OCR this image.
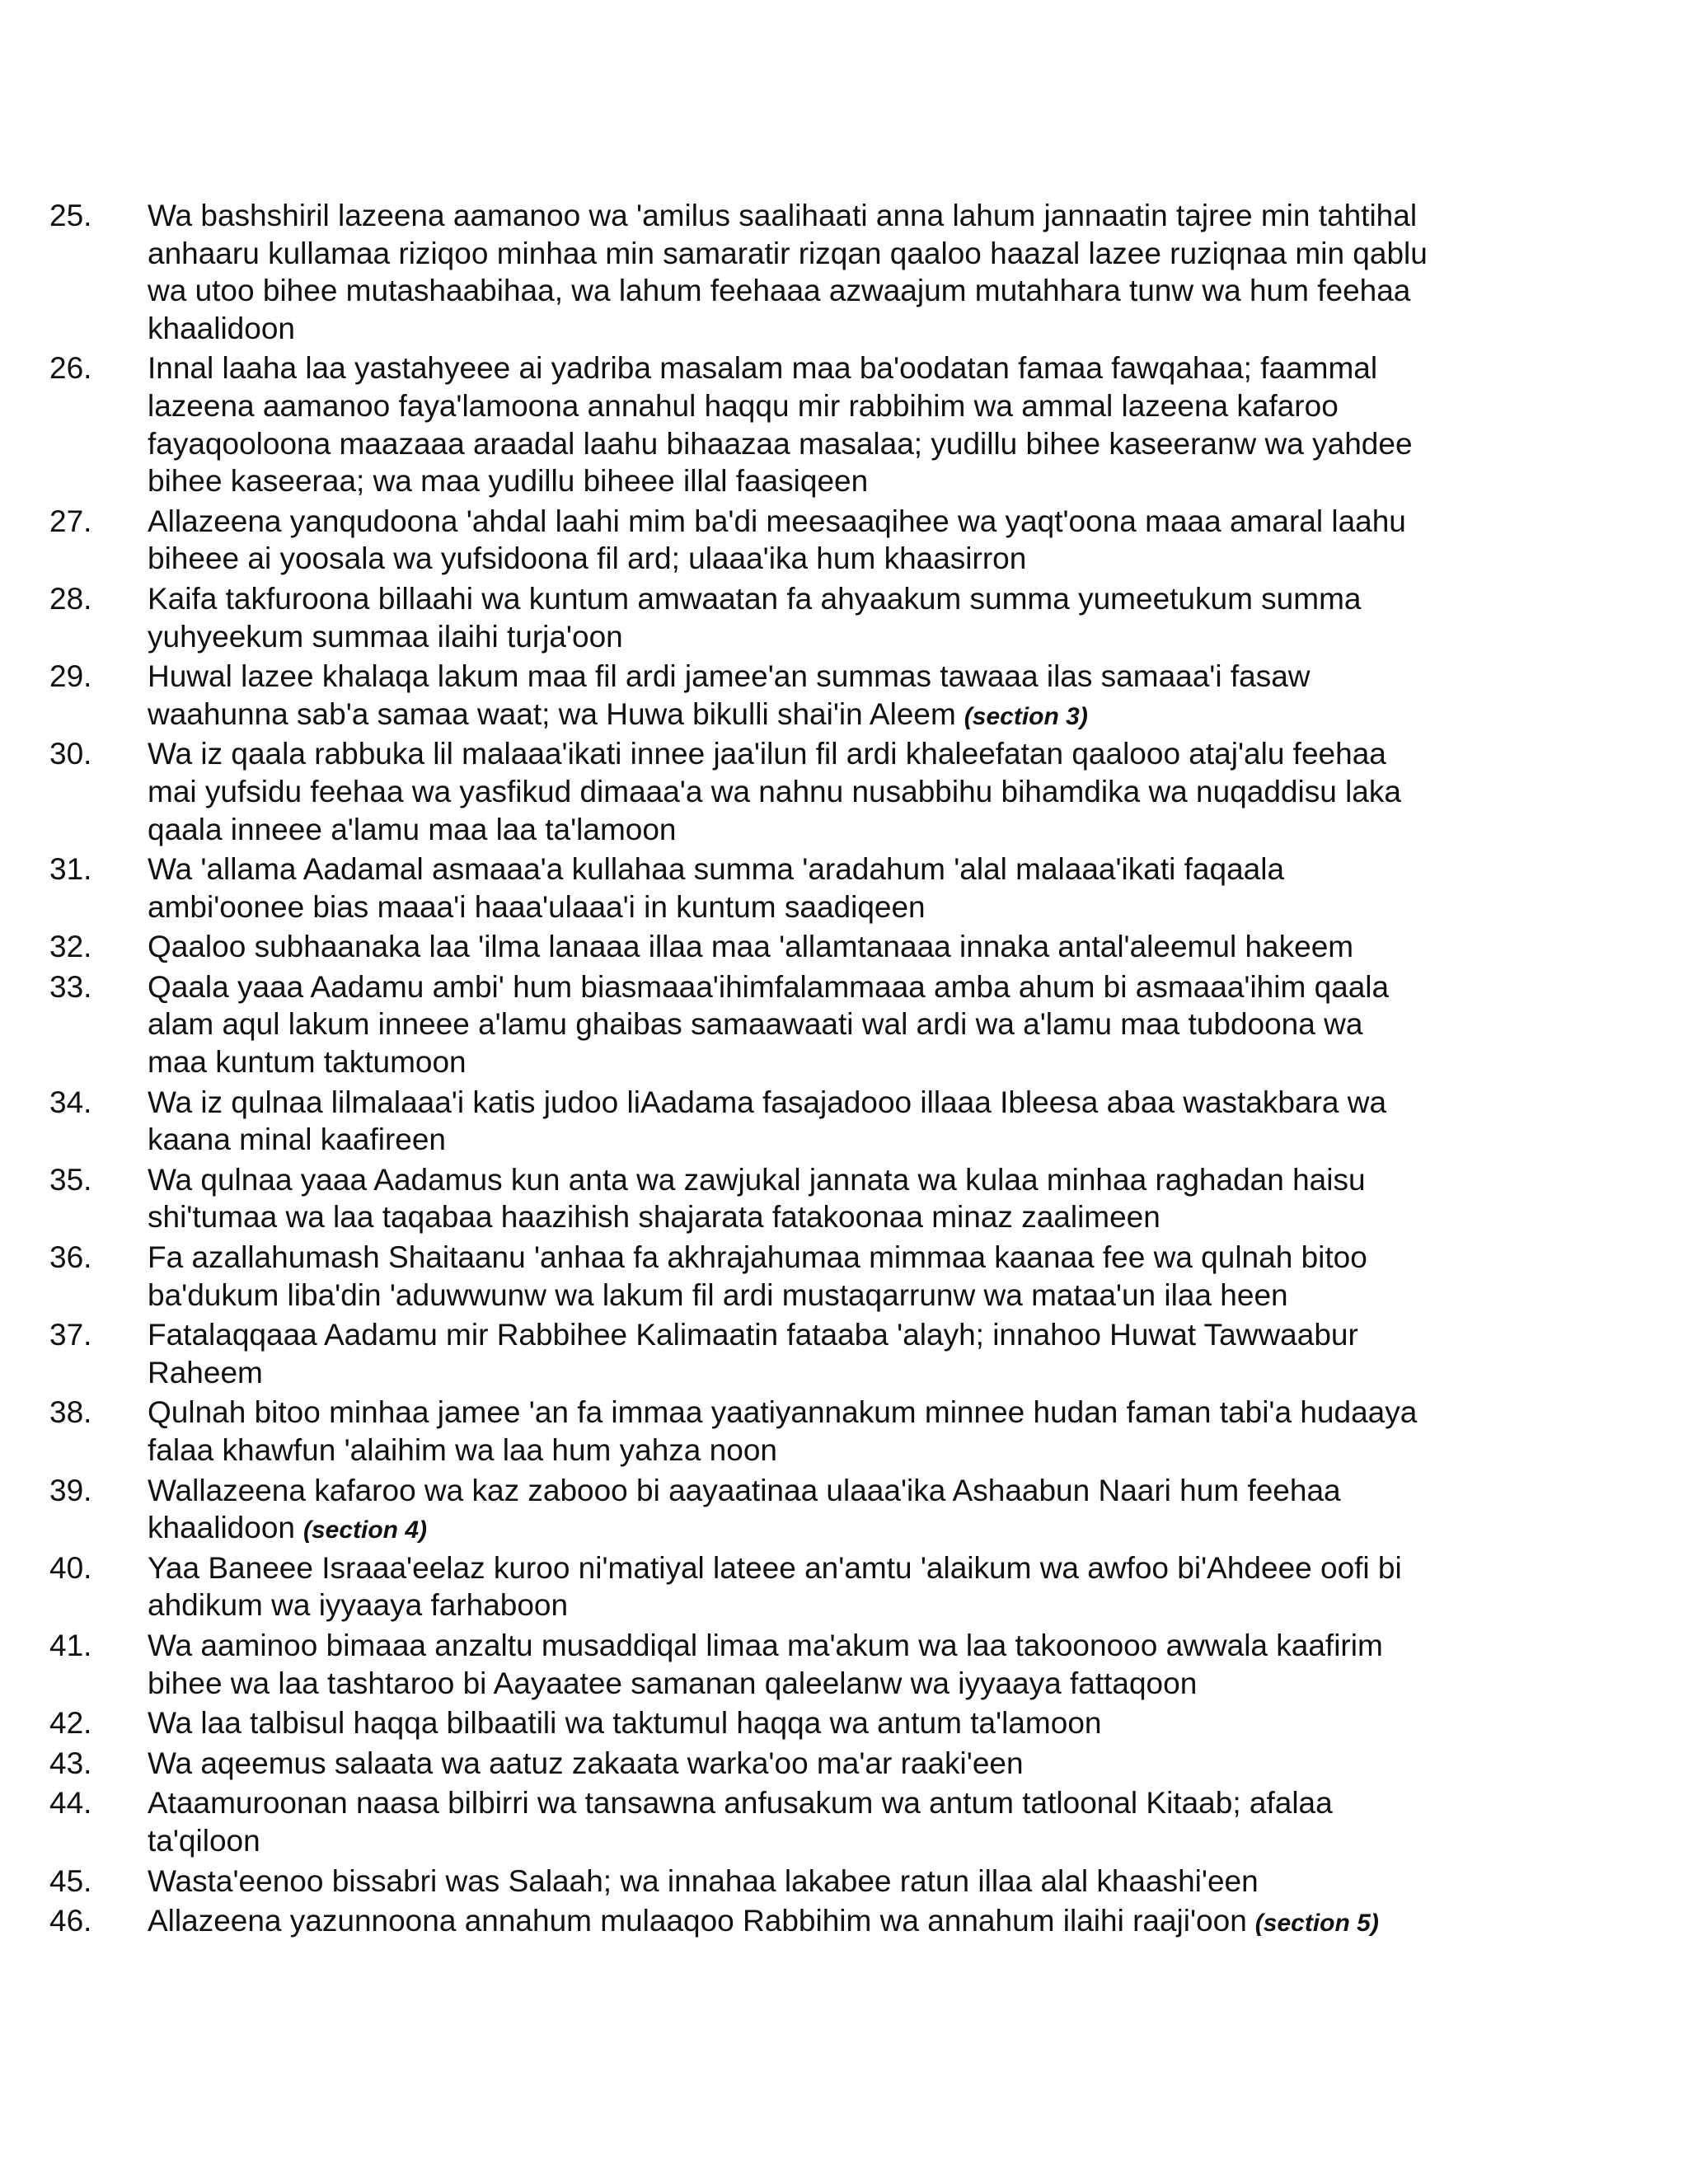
25.	Wa bashshiril lazeena aamanoo wa 'amilus saalihaati anna lahum jannaatin tajree min tahtihal
anhaaru kullamaa riziqoo minhaa min samaratir rizqan qaaloo haazal lazee ruziqnaa min qablu
wa utoo bihee mutashaabihaa, wa lahum feehaaa azwaajum mutahhara tunw wa hum feehaa
khaalidoon
26.	Innal laaha laa yastahyeee ai yadriba masalam maa ba'oodatan famaa fawqahaa; faammal
lazeena aamanoo faya'lamoona annahul haqqu mir rabbihim wa ammal lazeena kafaroo
fayaqooloona maazaaa araadal laahu bihaazaa masalaa; yudillu bihee kaseeranw wa yahdee
bihee kaseeraa; wa maa yudillu biheee illal faasiqeen
27.	Allazeena yanqudoona 'ahdal laahi mim ba'di meesaaqihee wa yaqt'oona maaa amaral laahu
biheee ai yoosala wa yufsidoona fil ard; ulaaa'ika hum khaasirron
28.	Kaifa takfuroona billaahi wa kuntum amwaatan fa ahyaakum summa yumeetukum summa
yuhyeekum summaa ilaihi turja'oon
29.	Huwal lazee khalaqa lakum maa fil ardi jamee'an summas tawaaa ilas samaaa'i fasaw
waahunna sab'a samaa waat; wa Huwa bikulli shai'in Aleem (section 3)
30.	Wa iz qaala rabbuka lil malaaa'ikati innee jaa'ilun fil ardi khaleefatan qaalooo ataj'alu feehaa
mai yufsidu feehaa wa yasfikud dimaaa'a wa nahnu nusabbihu bihamdika wa nuqaddisu laka
qaala inneee a'lamu maa laa ta'lamoon
31.	Wa 'allama Aadamal asmaaa'a kullahaa summa 'aradahum 'alal malaaa'ikati faqaala
ambi'oonee bias maaa'i haaa'ulaaa'i in kuntum saadiqeen
32.	Qaaloo subhaanaka laa 'ilma lanaaa illaa maa 'allamtanaaa innaka antal'aleemul hakeem
33.	Qaala yaaa Aadamu ambi' hum biasmaaa'ihimfalammaaa amba ahum bi asmaaa'ihim qaala
alam aqul lakum inneee a'lamu ghaibas samaawaati wal ardi wa a'lamu maa tubdoona wa
maa kuntum taktumoon
34.	Wa iz qulnaa lilmalaaa'i katis judoo liAadama fasajadooo illaaa Ibleesa abaa wastakbara wa
kaana minal kaafireen
35.	Wa qulnaa yaaa Aadamus kun anta wa zawjukal jannata wa kulaa minhaa raghadan haisu
shi'tumaa wa laa taqabaa haazihish shajarata fatakoonaa minaz zaalimeen
36.	Fa azallahumash Shaitaanu 'anhaa fa akhrajahumaa mimmaa kaanaa fee wa qulnah bitoo
ba'dukum liba'din 'aduwwunw wa lakum fil ardi mustaqarrunw wa mataa'un ilaa heen
37.	Fatalaqqaaa Aadamu mir Rabbihee Kalimaatin fataaba 'alayh; innahoo Huwat Tawwaabur
Raheem
38.	Qulnah bitoo minhaa jamee 'an fa immaa yaatiyannakum minnee hudan faman tabi'a hudaaya
falaa khawfun 'alaihim wa laa hum yahza noon
39.	Wallazeena kafaroo wa kaz zabooo bi aayaatinaa ulaaa'ika Ashaabun Naari hum feehaa
khaalidoon (section 4)
40.	Yaa Baneee Israaa'eelaz kuroo ni'matiyal lateee an'amtu 'alaikum wa awfoo bi'Ahdeee oofi bi
ahdikum wa iyyaaya farhaboon
41.	Wa aaminoo bimaaa anzaltu musaddiqal limaa ma'akum wa laa takoonooo awwala kaafirim
bihee wa laa tashtaroo bi Aayaatee samanan qaleelanw wa iyyaaya fattaqoon
42.	Wa laa talbisul haqqa bilbaatili wa taktumul haqqa wa antum ta'lamoon
43.	Wa aqeemus salaata wa aatuz zakaata warka'oo ma'ar raaki'een
44.	Ataamuroonan naasa bilbirri wa tansawna anfusakum wa antum tatloonal Kitaab; afalaa
ta'qiloon
45.	Wasta'eenoo bissabri was Salaah; wa innahaa lakabee ratun illaa alal khaashi'een
46.	Allazeena yazunnoona annahum mulaaqoo Rabbihim wa annahum ilaihi raaji'oon (section 5)
